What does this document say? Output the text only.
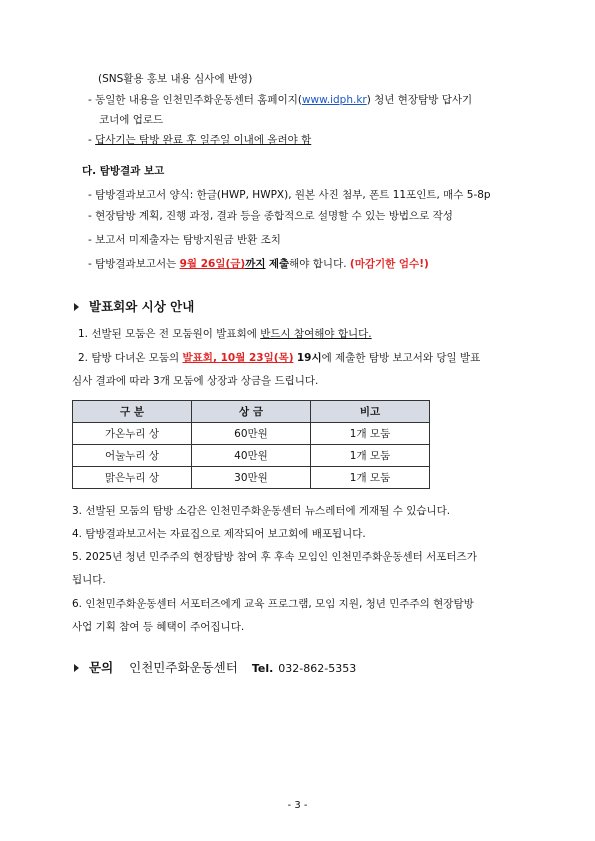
(SNS활용 홍보 내용 심사에 반영)
- 동일한 내용을 인천민주화운동센터 홈페이지(www.idph.kr) 청년 현장탐방 답사기
코너에 업로드
- 답사기는 탐방 완료 후 일주일 이내에 올려야 함
다. 탐방결과 보고
- 탐방결과보고서 양식: 한글(HWP, HWPX), 원본 사진 첨부, 폰트 11포인트, 매수 5-8p
- 현장탐방 계획, 진행 과정, 결과 등을 종합적으로 설명할 수 있는 방법으로 작성
- 보고서 미제출자는 탐방지원금 반환 조치
- 탐방결과보고서는 9월 26일(금)까지 제출해야 합니다. (마감기한 엄수!)
발표회와 시상 안내
1. 선발된 모둠은 전 모둠원이 발표회에 반드시 참여해야 합니다.
2. 탐방 다녀온 모둠의 발표회, 10월 23일(목) 19시에 제출한 탐방 보고서와 당일 발표
심사 결과에 따라 3개 모둠에 상장과 상금을 드립니다.
구 분	상 금	비고
가온누리 상	60만원	1개 모둠
어눌누리 상	40만원	1개 모둠
맑은누리 상	30만원	1개 모둠
3. 선발된 모둠의 탐방 소감은 인천민주화운동센터 뉴스레터에 게재될 수 있습니다.
4. 탐방결과보고서는 자료집으로 제작되어 보고회에 배포됩니다.
5. 2025년 청년 민주주의 현장탐방 참여 후 후속 모임인 인천민주화운동센터 서포터즈가
됩니다.
6. 인천민주화운동센터 서포터즈에게 교육 프로그램, 모임 지원, 청년 민주주의 현장탐방
사업 기획 참여 등 혜택이 주어집니다.
문의 인천민주화운동센터 Tel. 032-862-5353
- 3 -
